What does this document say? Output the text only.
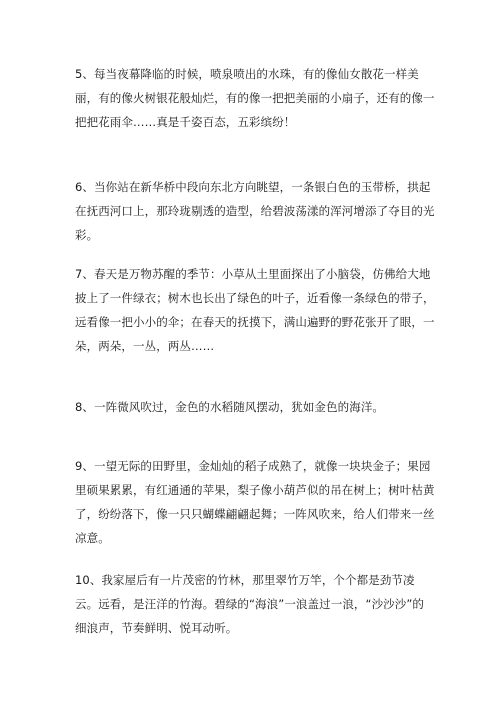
5、每当夜幕降临的时候，喷泉喷出的水珠，有的像仙女散花一样美丽，有的像火树银花般灿烂，有的像一把把美丽的小扇子，还有的像一把把花雨伞……真是千姿百态，五彩缤纷！

6、当你站在新华桥中段向东北方向眺望，一条银白色的玉带桥，拱起在抚西河口上，那玲珑剔透的造型，给碧波荡漾的浑河增添了夺目的光彩。

7、春天是万物苏醒的季节：小草从土里面探出了小脑袋，仿佛给大地披上了一件绿衣；树木也长出了绿色的叶子，近看像一条绿色的带子，远看像一把小小的伞；在春天的抚摸下，满山遍野的野花张开了眼，一朵，两朵，一丛，两丛……

8、一阵微风吹过，金色的水稻随风摆动，犹如金色的海洋。

9、一望无际的田野里，金灿灿的稻子成熟了，就像一块块金子；果园里硕果累累，有红通通的苹果，梨子像小葫芦似的吊在树上；树叶枯黄了，纷纷落下，像一只只蝴蝶翩翩起舞；一阵风吹来，给人们带来一丝凉意。

10、我家屋后有一片茂密的竹林，那里翠竹万竿，个个都是劲节凌云。远看，是汪洋的竹海。碧绿的“海浪”一浪盖过一浪，“沙沙沙”的细浪声，节奏鲜明、悦耳动听。
